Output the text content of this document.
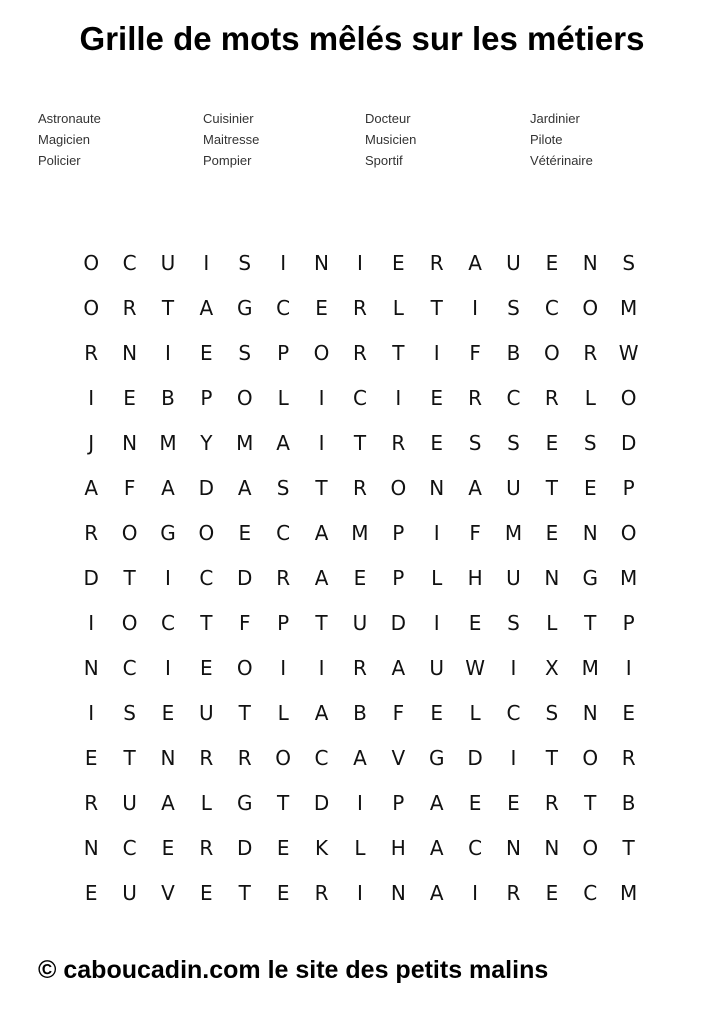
Grille de mots mêlés sur les métiers
Astronaute	Cuisinier	Docteur	Jardinier
Magicien	Maitresse	Musicien	Pilote
Policier	Pompier	Sportif	Vétérinaire
O	C	U	I	S	I	N	I	E	R	A	U	E	N	S
O	R	T	A	G	C	E	R	L	T	I	S	C	O	M
R	N	I	E	S	P	O	R	T	I	F	B	O	R	W
I	E	B	P	O	L	I	C	I	E	R	C	R	L	O
J	N	M	Y	M	A	I	T	R	E	S	S	E	S	D
A	F	A	D	A	S	T	R	O	N	A	U	T	E	P
R	O	G	O	E	C	A	M	P	I	F	M	E	N	O
D	T	I	C	D	R	A	E	P	L	H	U	N	G	M
I	O	C	T	F	P	T	U	D	I	E	S	L	T	P
N	C	I	E	O	I	I	R	A	U	W	I	X	M	I
I	S	E	U	T	L	A	B	F	E	L	C	S	N	E
E	T	N	R	R	O	C	A	V	G	D	I	T	O	R
R	U	A	L	G	T	D	I	P	A	E	E	R	T	B
N	C	E	R	D	E	K	L	H	A	C	N	N	O	T
E	U	V	E	T	E	R	I	N	A	I	R	E	C	M
© caboucadin.com le site des petits malins
